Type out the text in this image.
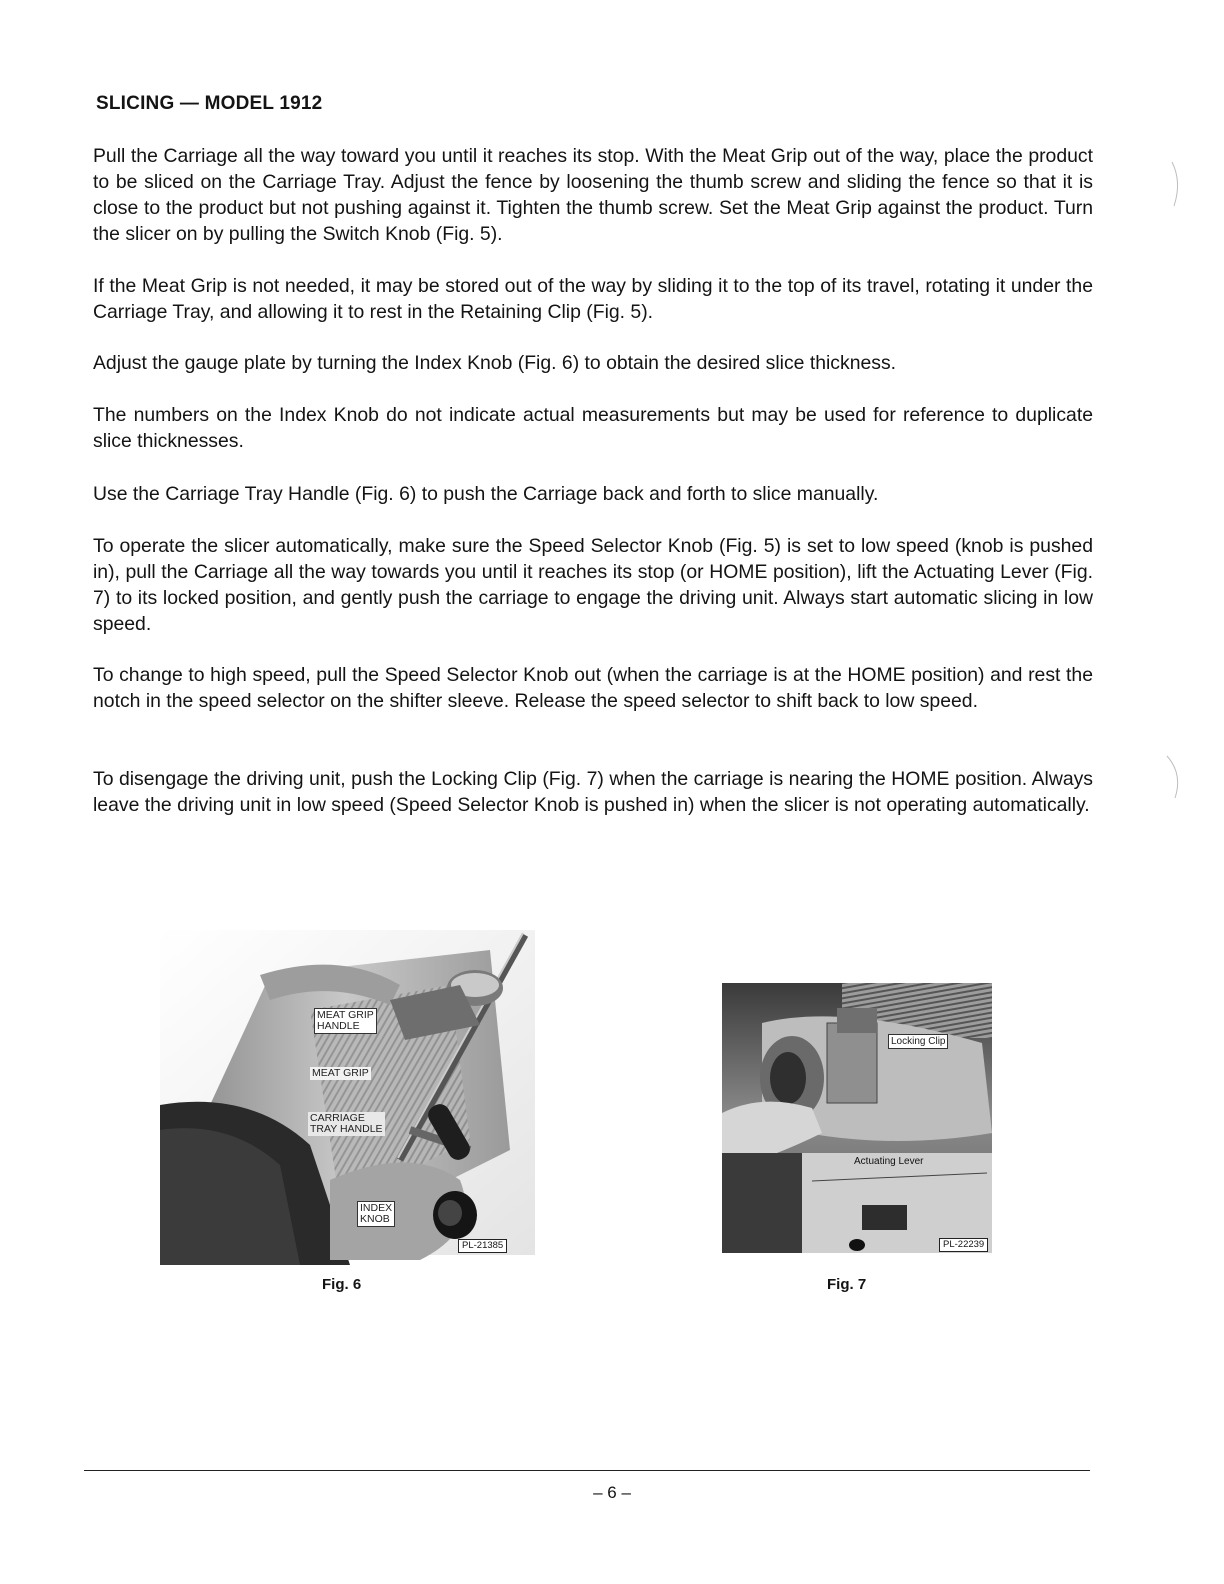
SLICING — MODEL 1912

Pull the Carriage all the way toward you until it reaches its stop. With the Meat Grip out of the way, place the product to be sliced on the Carriage Tray. Adjust the fence by loosening the thumb screw and sliding the fence so that it is close to the product but not pushing against it. Tighten the thumb screw. Set the Meat Grip against the product. Turn the slicer on by pulling the Switch Knob (Fig. 5).

If the Meat Grip is not needed, it may be stored out of the way by sliding it to the top of its travel, rotating it under the Carriage Tray, and allowing it to rest in the Retaining Clip (Fig. 5).

Adjust the gauge plate by turning the Index Knob (Fig. 6) to obtain the desired slice thickness.

The numbers on the Index Knob do not indicate actual measurements but may be used for reference to duplicate slice thicknesses.

Use the Carriage Tray Handle (Fig. 6) to push the Carriage back and forth to slice manually.

To operate the slicer automatically, make sure the Speed Selector Knob (Fig. 5) is set to low speed (knob is pushed in), pull the Carriage all the way towards you until it reaches its stop (or HOME position), lift the Actuating Lever (Fig. 7) to its locked position, and gently push the carriage to engage the driving unit. Always start automatic slicing in low speed.

To change to high speed, pull the Speed Selector Knob out (when the carriage is at the HOME position) and rest the notch in the speed selector on the shifter sleeve. Release the speed selector to shift back to low speed.

To disengage the driving unit, push the Locking Clip (Fig. 7) when the carriage is nearing the HOME position. Always leave the driving unit in low speed (Speed Selector Knob is pushed in) when the slicer is not operating automatically.

MEAT GRIP
HANDLE
MEAT GRIP
CARRIAGE
TRAY HANDLE
INDEX
KNOB
PL-21385
Fig. 6
Locking Clip
Actuating Lever
PL-22239
Fig. 7
– 6 –
